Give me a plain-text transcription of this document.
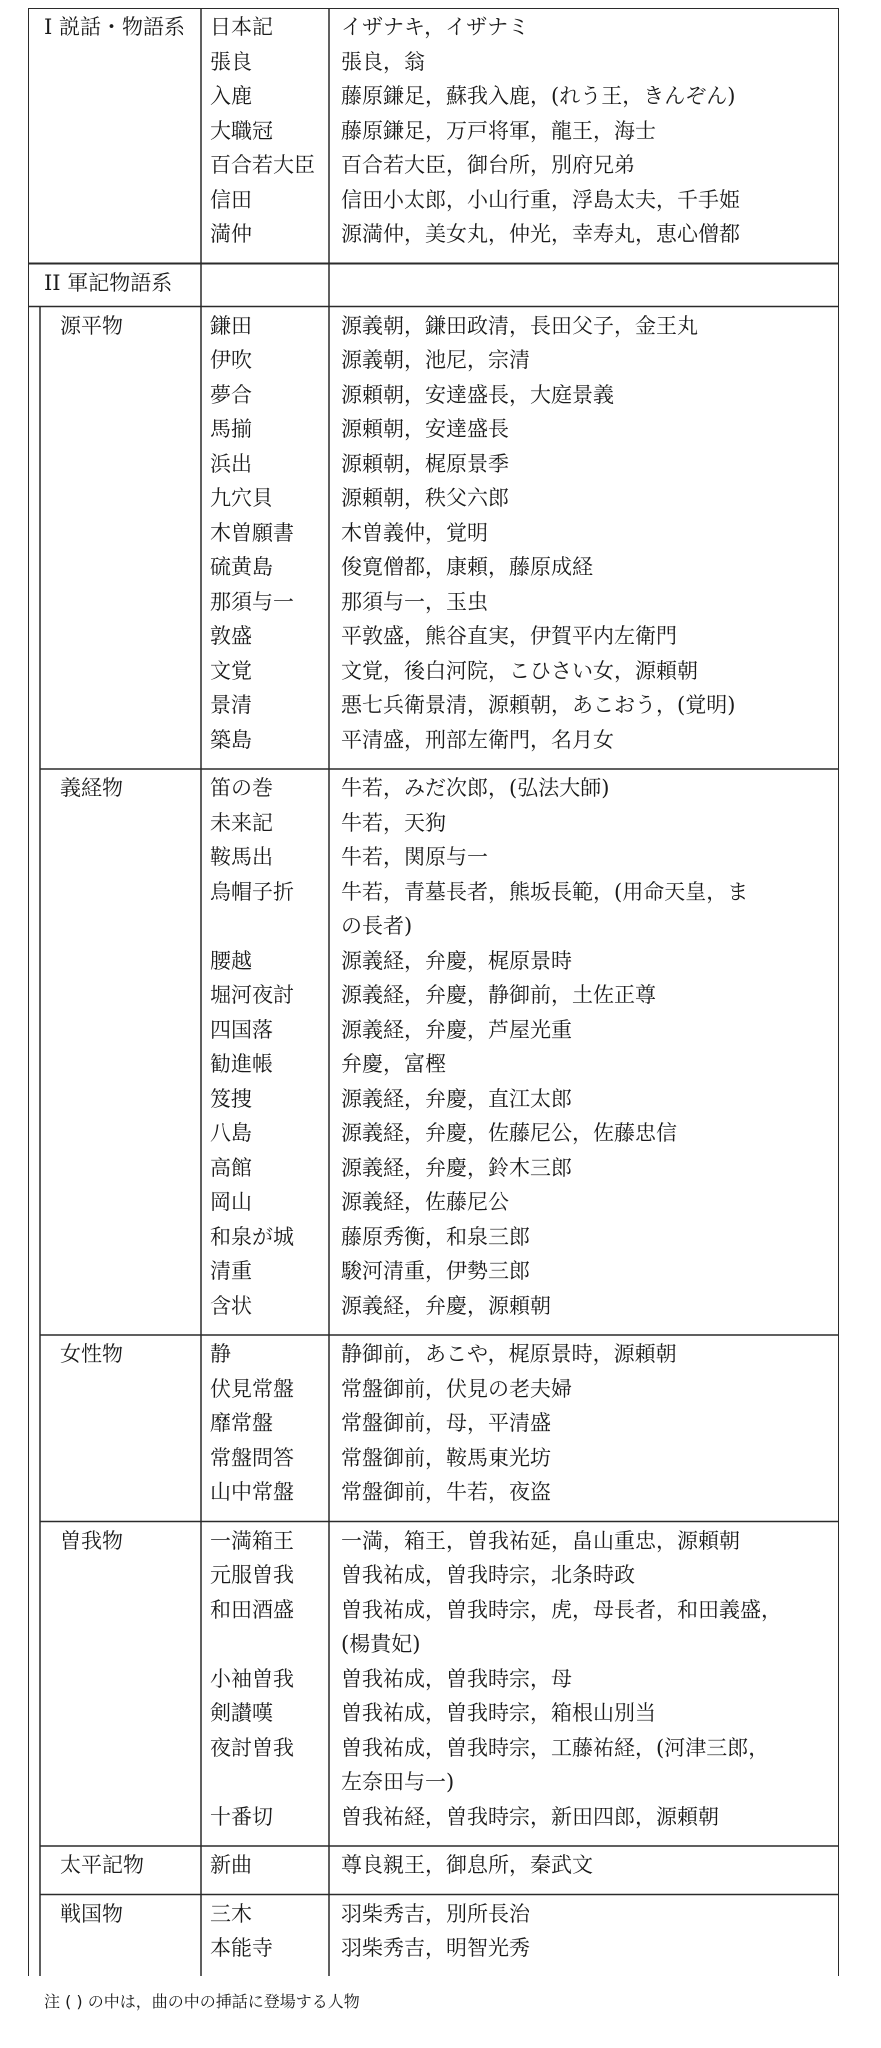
I 説話・物語系 日本記	イザナキ，イザナミ
張良	張良，翁
入鹿	藤原鎌足，蘇我入鹿，(れう王，きんぞん)
大職冠	藤原鎌足，万戸将軍，龍王，海士
百合若大臣 百合若大臣，御台所，別府兄弟
信田	信田小太郎，小山行重，浮島太夫，千手姫
満仲	源満仲，美女丸，仲光，幸寿丸，恵心僧都
II 軍記物語系
源平物	鎌田	源義朝，鎌田政清，長田父子，金王丸
伊吹	源義朝，池尼，宗清
夢合	源頼朝，安達盛長，大庭景義
馬揃	源頼朝，安達盛長
浜出	源頼朝，梶原景季
九穴貝	源頼朝，秩父六郎
木曽願書 木曽義仲，覚明
硫黄島	俊寛僧都，康頼，藤原成経
那須与一 那須与一，玉虫
敦盛	平敦盛，熊谷直実，伊賀平内左衛門
文覚	文覚，後白河院，こひさい女，源頼朝
景清	悪七兵衛景清，源頼朝，あこおう，(覚明)
築島	平清盛，刑部左衛門，名月女
義経物	笛の巻	牛若，みだ次郎，(弘法大師)
未来記	牛若，天狗
鞍馬出	牛若，関原与一
烏帽子折 牛若，青墓長者，熊坂長範，(用命天皇，ま
の長者)
腰越	源義経，弁慶，梶原景時
堀河夜討 源義経，弁慶，静御前，土佐正尊
四国落	源義経，弁慶，芦屋光重
勧進帳	弁慶，富樫
笈捜	源義経，弁慶，直江太郎
八島	源義経，弁慶，佐藤尼公，佐藤忠信
高館	源義経，弁慶，鈴木三郎
岡山	源義経，佐藤尼公
和泉が城 藤原秀衡，和泉三郎
清重	駿河清重，伊勢三郎
含状	源義経，弁慶，源頼朝
女性物	静	静御前，あこや，梶原景時，源頼朝
伏見常盤 常盤御前，伏見の老夫婦
靡常盤	常盤御前，母，平清盛
常盤問答 常盤御前，鞍馬東光坊
山中常盤 常盤御前，牛若，夜盗
曽我物	一満箱王 一満，箱王，曽我祐延，畠山重忠，源頼朝
元服曽我 曽我祐成，曽我時宗，北条時政
和田酒盛 曽我祐成，曽我時宗，虎，母長者，和田義盛，
(楊貴妃)
小袖曽我 曽我祐成，曽我時宗，母
剣讃嘆	曽我祐成，曽我時宗，箱根山別当
夜討曽我 曽我祐成，曽我時宗，工藤祐経，(河津三郎，
左奈田与一)
十番切	曽我祐経，曽我時宗，新田四郎，源頼朝
太平記物	新曲	尊良親王，御息所，秦武文
戦国物	三木	羽柴秀吉，別所長治
本能寺	羽柴秀吉，明智光秀
注 ( ) の中は，曲の中の挿話に登場する人物
